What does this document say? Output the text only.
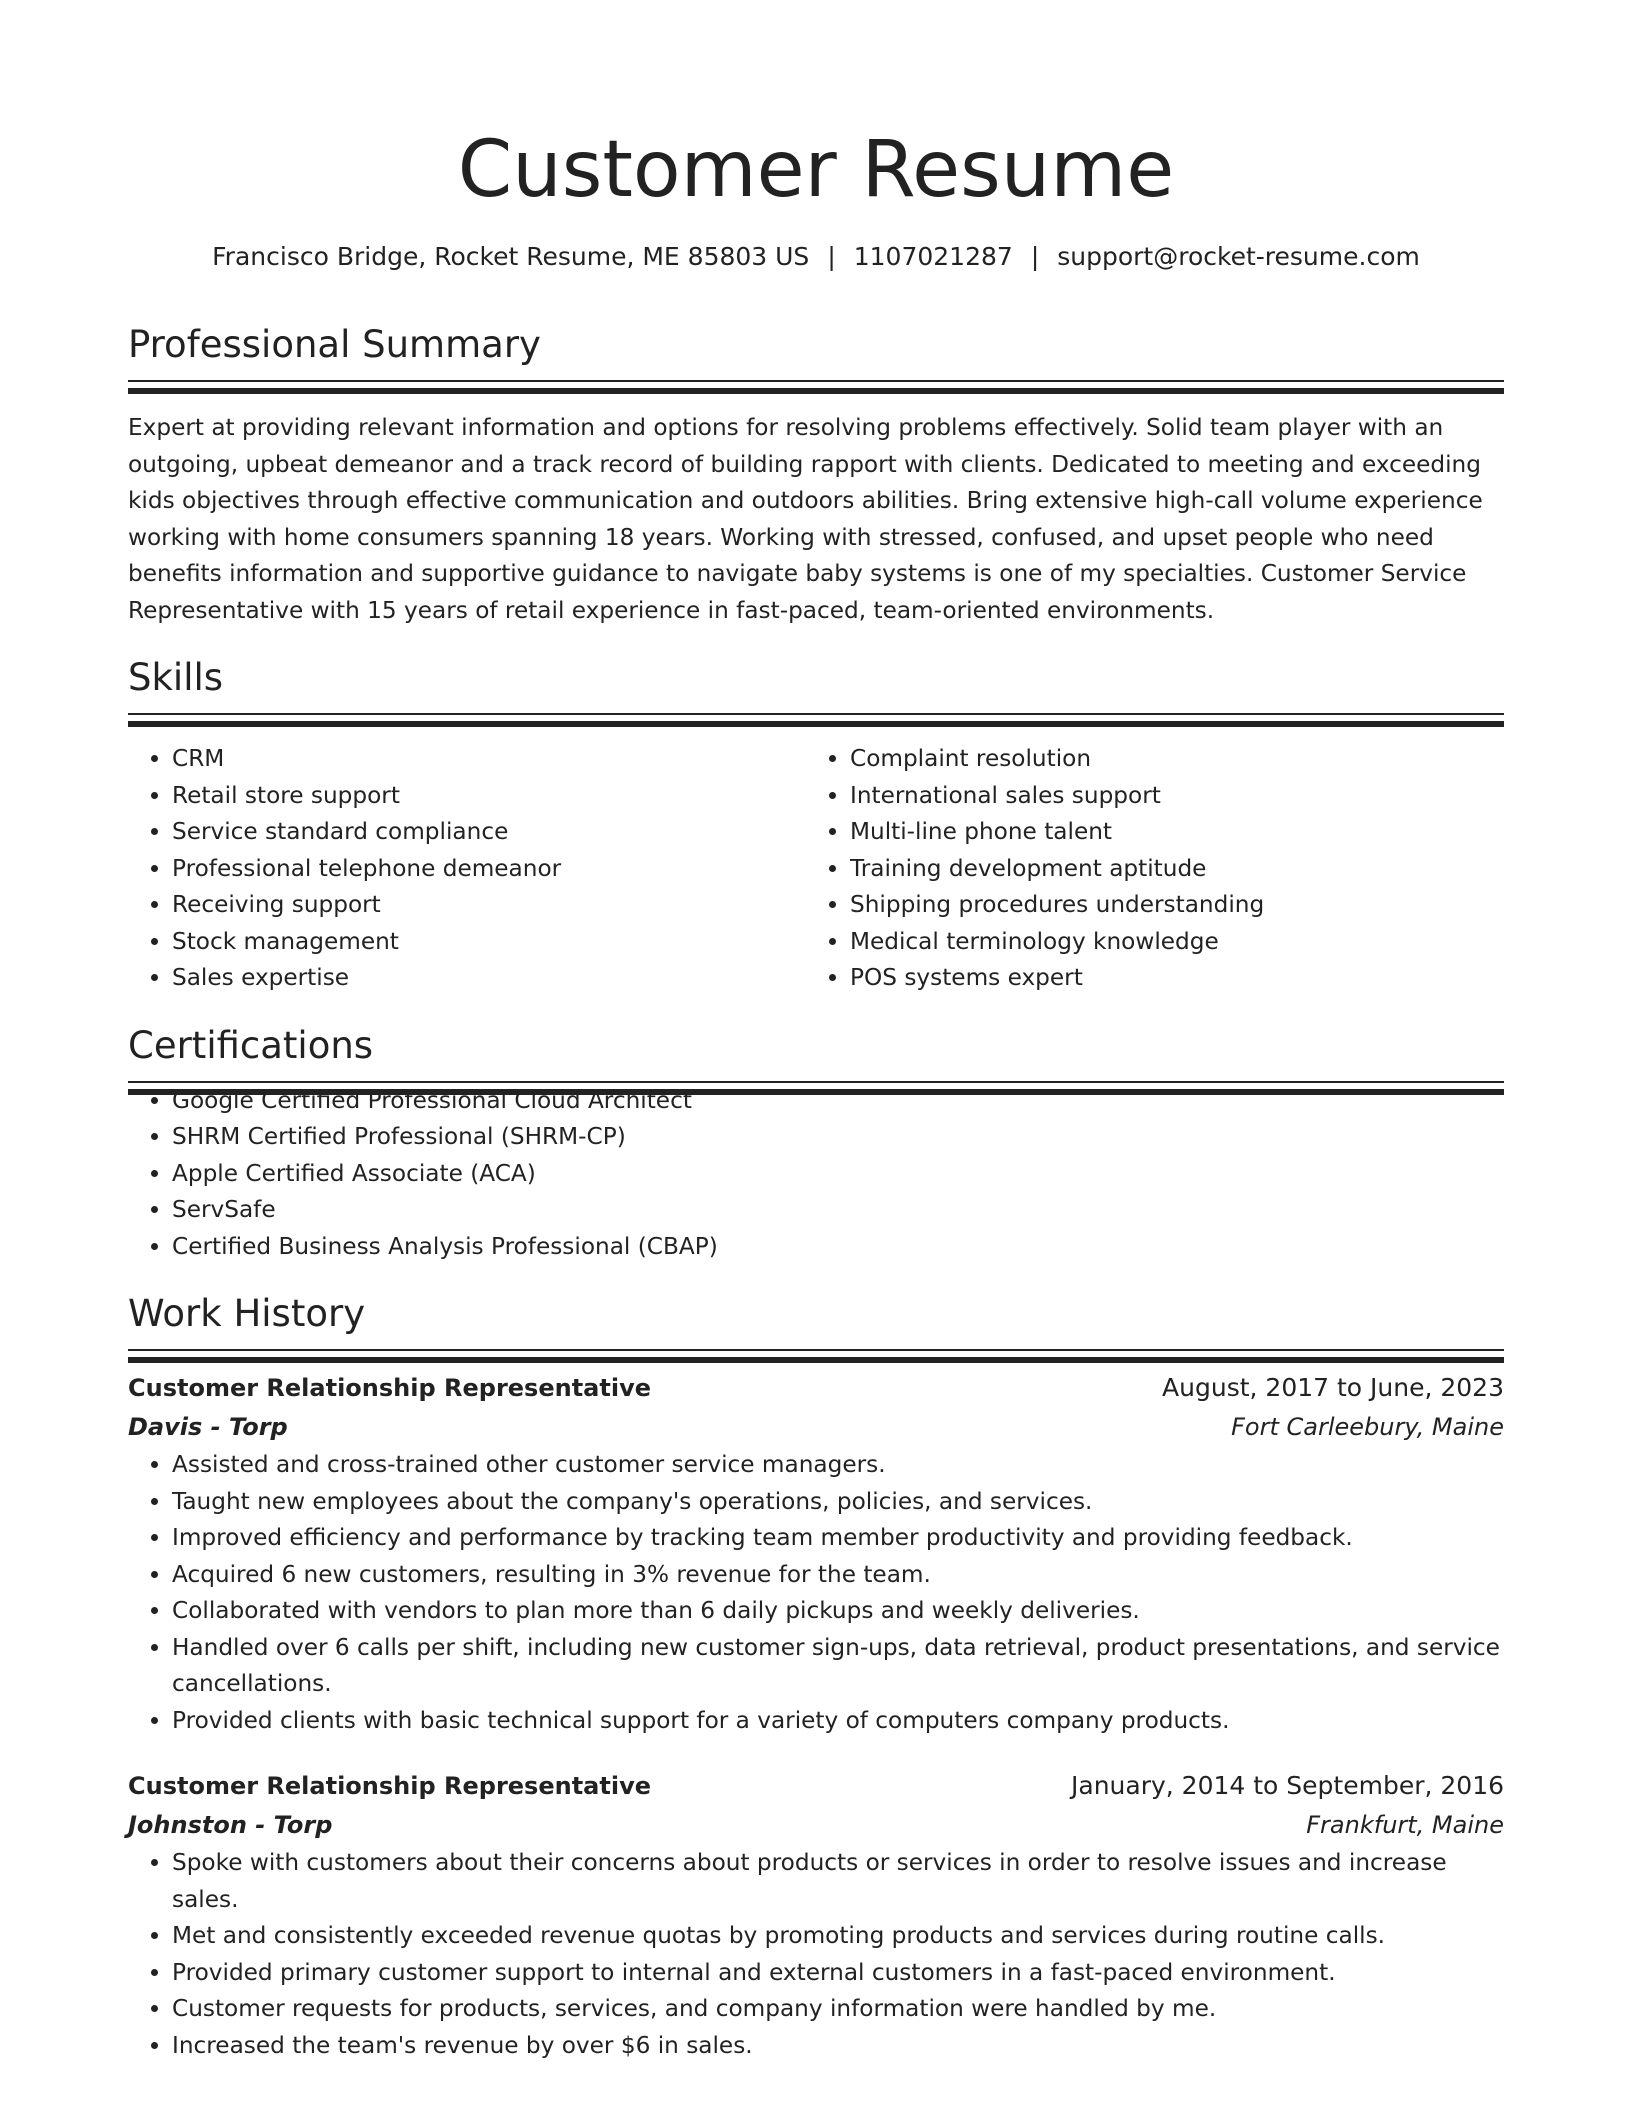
Customer Resume
Francisco Bridge, Rocket Resume, ME 85803 US | 1107021287 | support@rocket-resume.com
Professional Summary

Expert at providing relevant information and options for resolving problems effectively. Solid team player with an outgoing, upbeat demeanor and a track record of building rapport with clients. Dedicated to meeting and exceeding kids objectives through effective communication and outdoors abilities. Bring extensive high-call volume experience working with home consumers spanning 18 years. Working with stressed, confused, and upset people who need benefits information and supportive guidance to navigate baby systems is one of my specialties. Customer Service Representative with 15 years of retail experience in fast-paced, team-oriented environments.

Skills
• CRM
• Retail store support
• Service standard compliance
• Professional telephone demeanor
• Receiving support
• Stock management
• Sales expertise
• Complaint resolution
• International sales support
• Multi-line phone talent
• Training development aptitude
• Shipping procedures understanding
• Medical terminology knowledge
• POS systems expert
Certifications
• Google Certified Professional Cloud Architect
• SHRM Certified Professional (SHRM-CP)
• Apple Certified Associate (ACA)
• ServSafe
• Certified Business Analysis Professional (CBAP)
Work History
Customer Relationship Representative	August, 2017 to June, 2023
Davis - Torp	Fort Carleebury, Maine
• Assisted and cross-trained other customer service managers.
• Taught new employees about the company's operations, policies, and services.
• Improved efficiency and performance by tracking team member productivity and providing feedback.
• Acquired 6 new customers, resulting in 3% revenue for the team.
• Collaborated with vendors to plan more than 6 daily pickups and weekly deliveries.
• Handled over 6 calls per shift, including new customer sign-ups, data retrieval, product presentations, and service cancellations.
• Provided clients with basic technical support for a variety of computers company products.
Customer Relationship Representative	January, 2014 to September, 2016
Johnston - Torp	Frankfurt, Maine
• Spoke with customers about their concerns about products or services in order to resolve issues and increase sales.
• Met and consistently exceeded revenue quotas by promoting products and services during routine calls.
• Provided primary customer support to internal and external customers in a fast-paced environment.
• Customer requests for products, services, and company information were handled by me.
• Increased the team's revenue by over $6 in sales.
